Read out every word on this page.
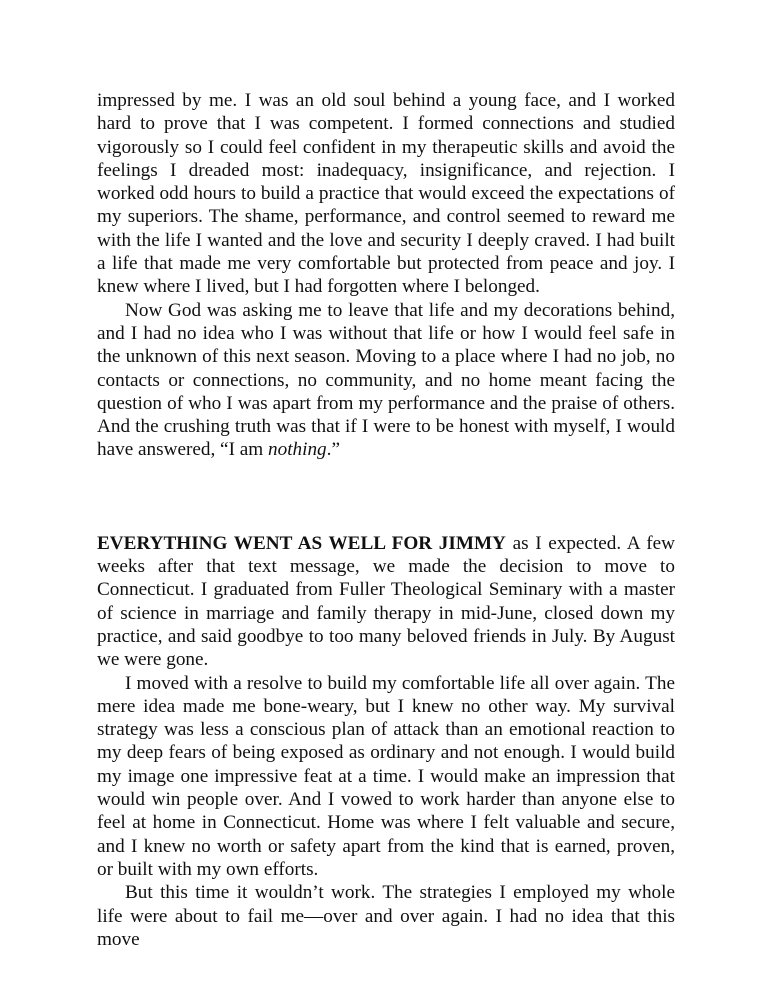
impressed by me. I was an old soul behind a young face, and I worked hard to prove that I was competent. I formed connections and studied vigorously so I could feel confident in my therapeutic skills and avoid the feelings I dreaded most: inadequacy, insignificance, and rejection. I worked odd hours to build a practice that would exceed the expectations of my superiors. The shame, performance, and control seemed to reward me with the life I wanted and the love and security I deeply craved. I had built a life that made me very comfortable but protected from peace and joy. I knew where I lived, but I had forgotten where I belonged.

Now God was asking me to leave that life and my decorations behind, and I had no idea who I was without that life or how I would feel safe in the unknown of this next season. Moving to a place where I had no job, no contacts or connections, no community, and no home meant facing the question of who I was apart from my performance and the praise of others. And the crushing truth was that if I were to be honest with myself, I would have answered, “I am nothing.”

EVERYTHING WENT AS WELL FOR JIMMY as I expected. A few weeks after that text message, we made the decision to move to Connecticut. I graduated from Fuller Theological Seminary with a master of science in marriage and family therapy in mid-June, closed down my practice, and said goodbye to too many beloved friends in July. By August we were gone.

I moved with a resolve to build my comfortable life all over again. The mere idea made me bone-weary, but I knew no other way. My survival strategy was less a conscious plan of attack than an emotional reaction to my deep fears of being exposed as ordinary and not enough. I would build my image one impressive feat at a time. I would make an impression that would win people over. And I vowed to work harder than anyone else to feel at home in Connecticut. Home was where I felt valuable and secure, and I knew no worth or safety apart from the kind that is earned, proven, or built with my own efforts.

But this time it wouldn’t work. The strategies I employed my whole life were about to fail me—over and over again. I had no idea that this move
